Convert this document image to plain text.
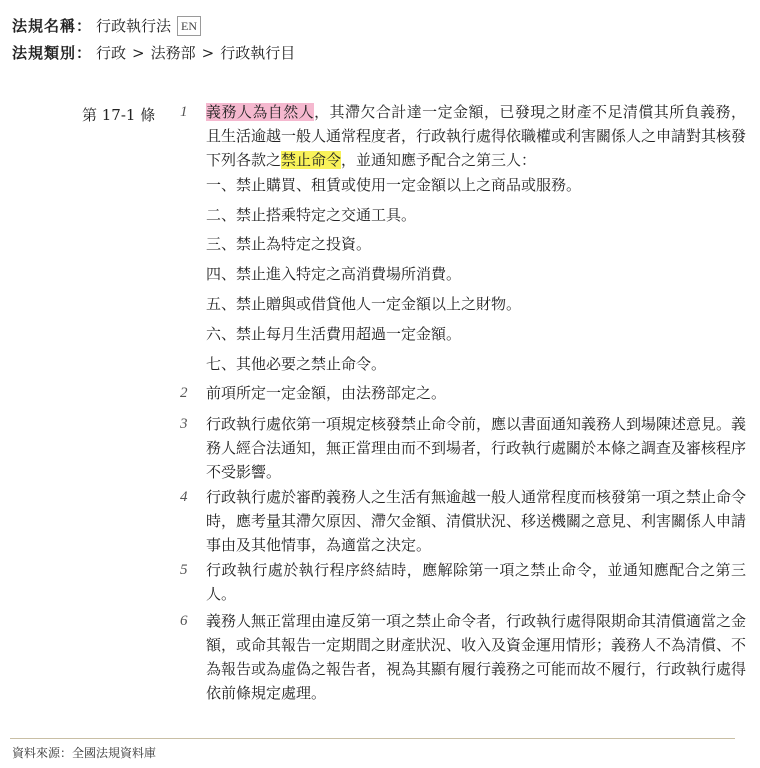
法規名稱： 行政執行法 EN
法規類別： 行政 > 法務部 > 行政執行目
第 17-1 條 1 義務人為自然人，其滯欠合計達一定金額，已發現之財產不足清償其所負義務，且生活逾越一般人通常程度者，行政執行處得依職權或利害關係人之申請對其核發下列各款之禁止命令，並通知應予配合之第三人：
一、禁止購買、租賃或使用一定金額以上之商品或服務。
二、禁止搭乘特定之交通工具。
三、禁止為特定之投資。
四、禁止進入特定之高消費場所消費。
五、禁止贈與或借貸他人一定金額以上之財物。
六、禁止每月生活費用超過一定金額。
七、其他必要之禁止命令。
2 前項所定一定金額，由法務部定之。
3 行政執行處依第一項規定核發禁止命令前，應以書面通知義務人到場陳述意見。義務人經合法通知，無正當理由而不到場者，行政執行處關於本條之調查及審核程序不受影響。
4 行政執行處於審酌義務人之生活有無逾越一般人通常程度而核發第一項之禁止命令時，應考量其滯欠原因、滯欠金額、清償狀況、移送機關之意見、利害關係人申請事由及其他情事，為適當之決定。
5 行政執行處於執行程序終結時，應解除第一項之禁止命令，並通知應配合之第三人。
6 義務人無正當理由違反第一項之禁止命令者，行政執行處得限期命其清償適當之金額，或命其報告一定期間之財產狀況、收入及資金運用情形；義務人不為清償、不為報告或為虛偽之報告者，視為其顯有履行義務之可能而故不履行，行政執行處得依前條規定處理。
資料來源：全國法規資料庫
